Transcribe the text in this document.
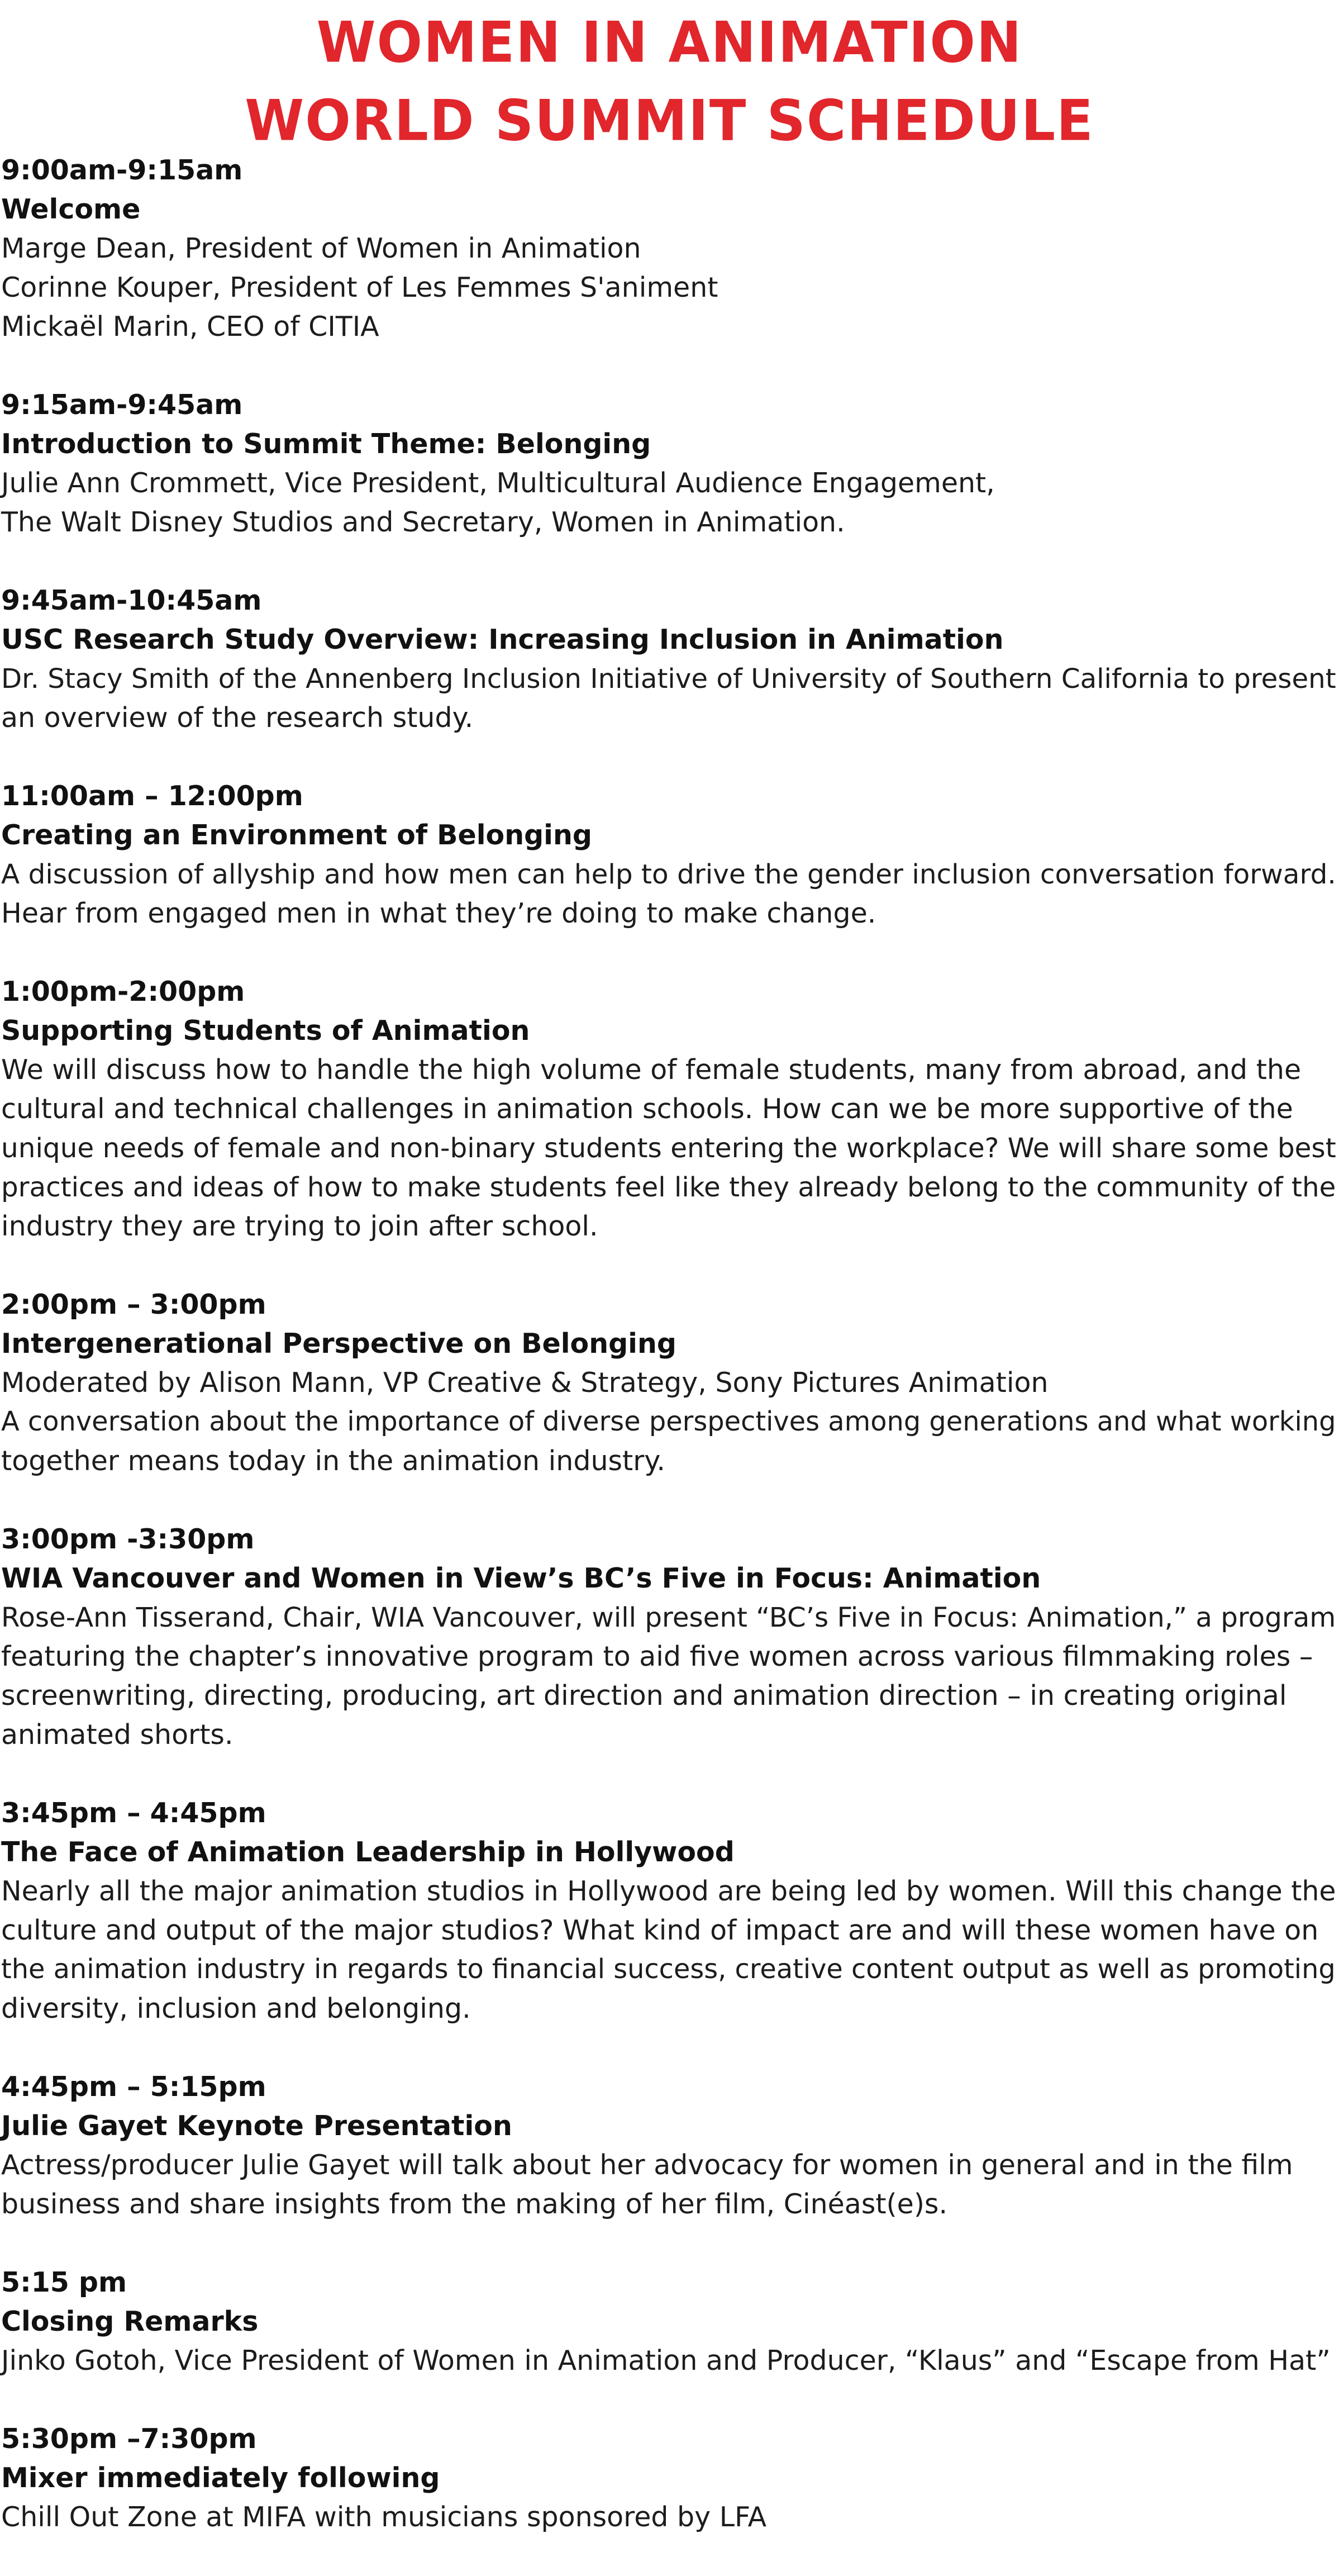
WOMEN IN ANIMATION
WORLD SUMMIT SCHEDULE
9:00am-9:15am
Welcome
Marge Dean, President of Women in Animation
Corinne Kouper, President of Les Femmes S'animent
Mickaël Marin, CEO of CITIA
9:15am-9:45am
Introduction to Summit Theme: Belonging
Julie Ann Crommett, Vice President, Multicultural Audience Engagement,
The Walt Disney Studios and Secretary, Women in Animation.
9:45am-10:45am
USC Research Study Overview: Increasing Inclusion in Animation
Dr. Stacy Smith of the Annenberg Inclusion Initiative of University of Southern California to present
an overview of the research study.
11:00am – 12:00pm
Creating an Environment of Belonging
A discussion of allyship and how men can help to drive the gender inclusion conversation forward.
Hear from engaged men in what they’re doing to make change.
1:00pm-2:00pm
Supporting Students of Animation
We will discuss how to handle the high volume of female students, many from abroad, and the
cultural and technical challenges in animation schools. How can we be more supportive of the
unique needs of female and non-binary students entering the workplace? We will share some best
practices and ideas of how to make students feel like they already belong to the community of the
industry they are trying to join after school.
2:00pm – 3:00pm
Intergenerational Perspective on Belonging
Moderated by Alison Mann, VP Creative & Strategy, Sony Pictures Animation
A conversation about the importance of diverse perspectives among generations and what working
together means today in the animation industry.
3:00pm -3:30pm
WIA Vancouver and Women in View’s BC’s Five in Focus: Animation
Rose-Ann Tisserand, Chair, WIA Vancouver, will present “BC’s Five in Focus: Animation,” a program
featuring the chapter’s innovative program to aid five women across various filmmaking roles –
screenwriting, directing, producing, art direction and animation direction – in creating original
animated shorts.
3:45pm – 4:45pm
The Face of Animation Leadership in Hollywood
Nearly all the major animation studios in Hollywood are being led by women. Will this change the
culture and output of the major studios? What kind of impact are and will these women have on
the animation industry in regards to financial success, creative content output as well as promoting
diversity, inclusion and belonging.
4:45pm – 5:15pm
Julie Gayet Keynote Presentation
Actress/producer Julie Gayet will talk about her advocacy for women in general and in the film
business and share insights from the making of her film, Cinéast(e)s.
5:15 pm
Closing Remarks
Jinko Gotoh, Vice President of Women in Animation and Producer, “Klaus” and “Escape from Hat”
5:30pm –7:30pm
Mixer immediately following
Chill Out Zone at MIFA with musicians sponsored by LFA
